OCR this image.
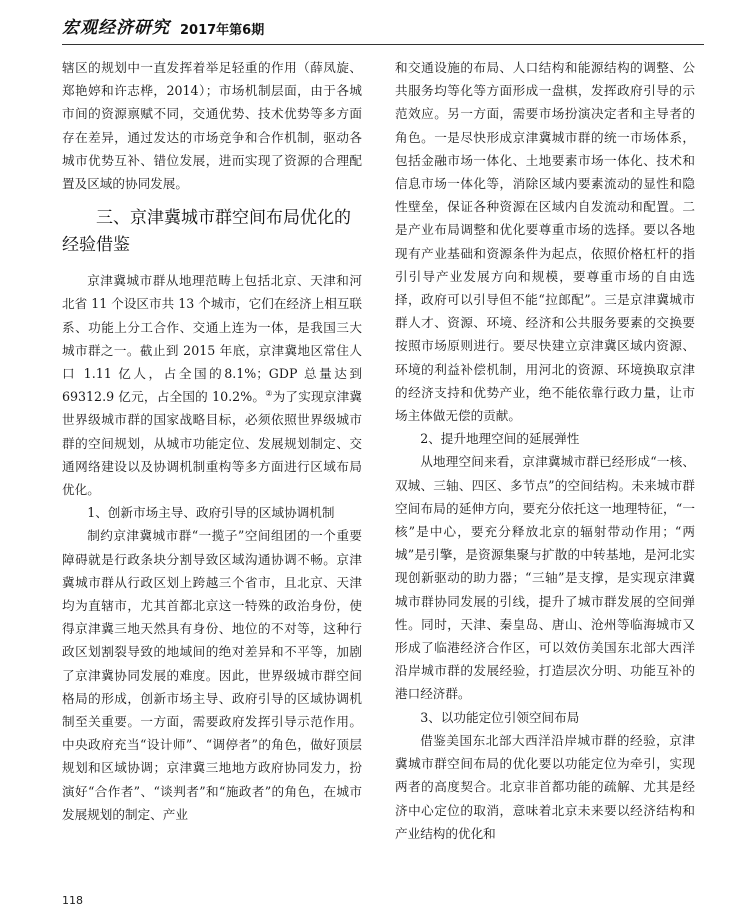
宏观经济研究 2017年第6期

辖区的规划中一直发挥着举足轻重的作用（薛凤旋、郑艳婷和许志桦，2014）；市场机制层面，由于各城市间的资源禀赋不同，交通优势、技术优势等多方面存在差异，通过发达的市场竞争和合作机制，驱动各城市优势互补、错位发展，进而实现了资源的合理配置及区域的协同发展。

三、京津冀城市群空间布局优化的经验借鉴

京津冀城市群从地理范畴上包括北京、天津和河北省 11 个设区市共 13 个城市，它们在经济上相互联系、功能上分工合作、交通上连为一体，是我国三大城市群之一。截止到 2015 年底，京津冀地区常住人口 1.11 亿人，占全国的8.1%；GDP 总量达到69312.9 亿元，占全国的 10.2%。②为了实现京津冀世界级城市群的国家战略目标，必须依照世界级城市群的空间规划，从城市功能定位、发展规划制定、交通网络建设以及协调机制重构等多方面进行区域布局优化。

1、创新市场主导、政府引导的区域协调机制

制约京津冀城市群“一揽子”空间组团的一个重要障碍就是行政条块分割导致区域沟通协调不畅。京津冀城市群从行政区划上跨越三个省市，且北京、天津均为直辖市，尤其首都北京这一特殊的政治身份，使得京津冀三地天然具有身份、地位的不对等，这种行政区划割裂导致的地域间的绝对差异和不平等，加剧了京津冀协同发展的难度。因此，世界级城市群空间格局的形成，创新市场主导、政府引导的区域协调机制至关重要。一方面，需要政府发挥引导示范作用。中央政府充当“设计师”、“调停者”的角色，做好顶层规划和区域协调；京津冀三地地方政府协同发力，扮演好“合作者”、“谈判者”和“施政者”的角色，在城市发展规划的制定、产业

和交通设施的布局、人口结构和能源结构的调整、公共服务均等化等方面形成一盘棋，发挥政府引导的示范效应。另一方面，需要市场扮演决定者和主导者的角色。一是尽快形成京津冀城市群的统一市场体系，包括金融市场一体化、土地要素市场一体化、技术和信息市场一体化等，消除区域内要素流动的显性和隐性壁垒，保证各种资源在区域内自发流动和配置。二是产业布局调整和优化要尊重市场的选择。要以各地现有产业基础和资源条件为起点，依照价格杠杆的指引引导产业发展方向和规模，要尊重市场的自由选择，政府可以引导但不能“拉郎配”。三是京津冀城市群人才、资源、环境、经济和公共服务要素的交换要按照市场原则进行。要尽快建立京津冀区域内资源、环境的利益补偿机制，用河北的资源、环境换取京津的经济支持和优势产业，绝不能依靠行政力量，让市场主体做无偿的贡献。

2、提升地理空间的延展弹性

从地理空间来看，京津冀城市群已经形成“一核、双城、三轴、四区、多节点”的空间结构。未来城市群空间布局的延伸方向，要充分依托这一地理特征，“一核”是中心，要充分释放北京的辐射带动作用；“两城”是引擎，是资源集聚与扩散的中转基地，是河北实现创新驱动的助力器；“三轴”是支撑，是实现京津冀城市群协同发展的引线，提升了城市群发展的空间弹性。同时，天津、秦皇岛、唐山、沧州等临海城市又形成了临港经济合作区，可以效仿美国东北部大西洋沿岸城市群的发展经验，打造层次分明、功能互补的港口经济群。

3、以功能定位引领空间布局

借鉴美国东北部大西洋沿岸城市群的经验，京津冀城市群空间布局的优化要以功能定位为牵引，实现两者的高度契合。北京非首都功能的疏解、尤其是经济中心定位的取消，意味着北京未来要以经济结构和产业结构的优化和

118
